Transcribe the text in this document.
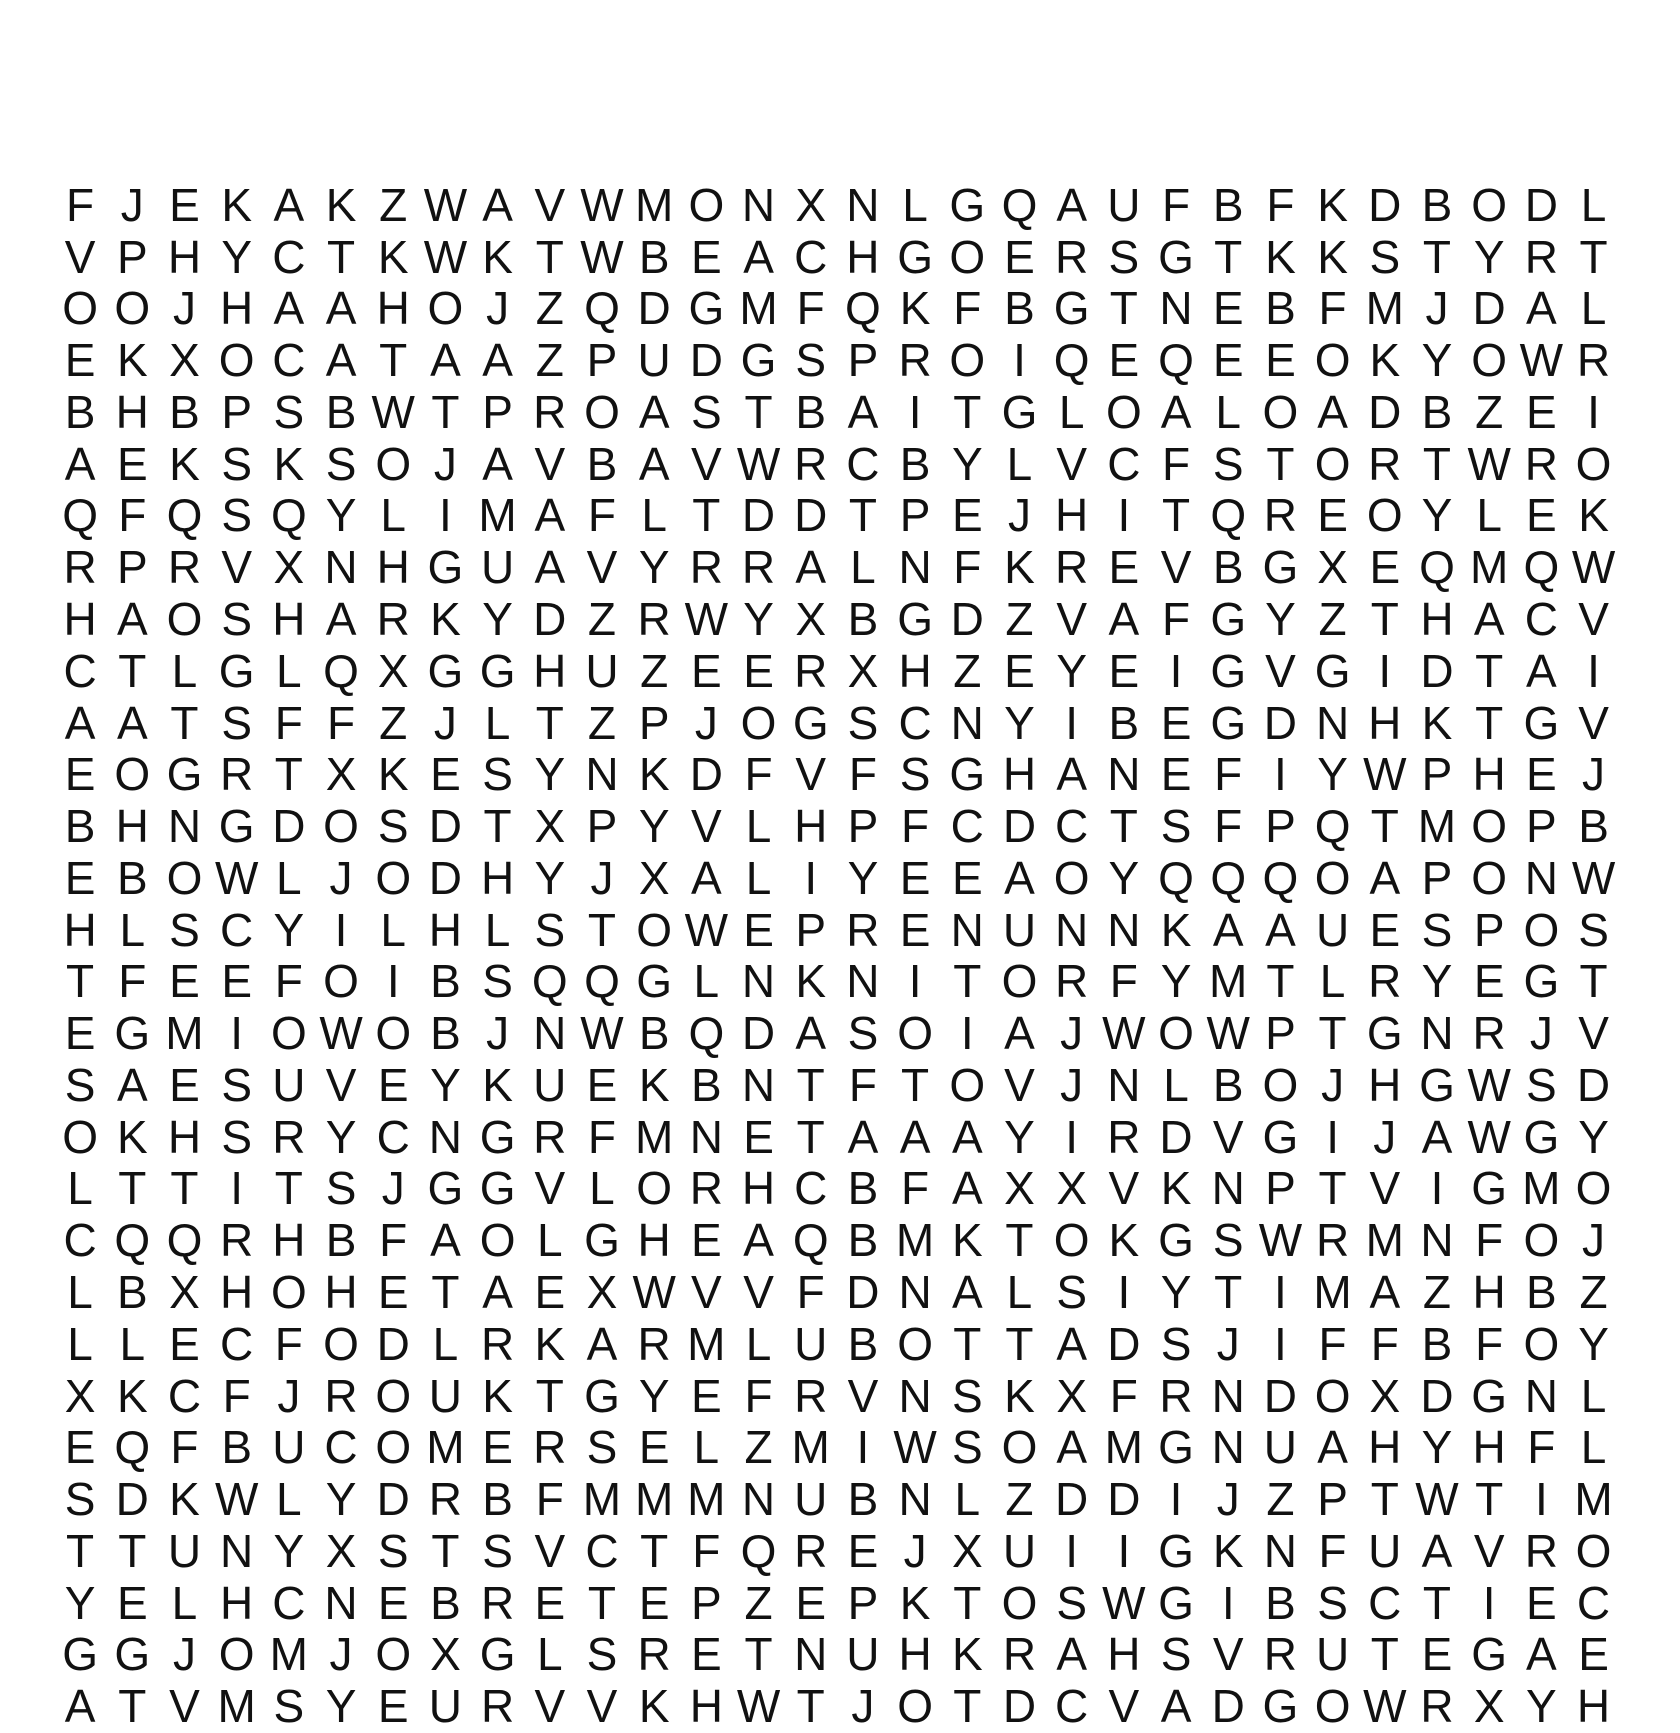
F J E K A K Z W A V W M O N X N L G Q A U F B F K D B O D L
V P H Y C T K W K T W B E A C H G O E R S G T K K S T Y R T
O O J H A A H O J Z Q D G M F Q K F B G T N E B F M J D A L
E K X O C A T A A Z P U D G S P R O I Q E Q E E O K Y O W R
B H B P S B W T P R O A S T B A I T G L O A L O A D B Z E I
A E K S K S O J A V B A V W R C B Y L V C F S T O R T W R O
Q F Q S Q Y L I M A F L T D D T P E J H I T Q R E O Y L E K
R P R V X N H G U A V Y R R A L N F K R E V B G X E Q M Q W
H A O S H A R K Y D Z R W Y X B G D Z V A F G Y Z T H A C V
C T L G L Q X G G H U Z E E R X H Z E Y E I G V G I D T A I
A A T S F F Z J L T Z P J O G S C N Y I B E G D N H K T G V
E O G R T X K E S Y N K D F V F S G H A N E F I Y W P H E J
B H N G D O S D T X P Y V L H P F C D C T S F P Q T M O P B
E B O W L J O D H Y J X A L I Y E E A O Y Q Q Q O A P O N W
H L S C Y I L H L S T O W E P R E N U N N K A A U E S P O S
T F E E F O I B S Q Q G L N K N I T O R F Y M T L R Y E G T
E G M I O W O B J N W B Q D A S O I A J W O W P T G N R J V
S A E S U V E Y K U E K B N T F T O V J N L B O J H G W S D
O K H S R Y C N G R F M N E T A A A Y I R D V G I J A W G Y
L T T I T S J G G V L O R H C B F A X X V K N P T V I G M O
C Q Q R H B F A O L G H E A Q B M K T O K G S W R M N F O J
L B X H O H E T A E X W V V F D N A L S I Y T I M A Z H B Z
L L E C F O D L R K A R M L U B O T T A D S J I F F B F O Y
X K C F J R O U K T G Y E F R V N S K X F R N D O X D G N L
E Q F B U C O M E R S E L Z M I W S O A M G N U A H Y H F L
S D K W L Y D R B F M M M N U B N L Z D D I J Z P T W T I M
T T U N Y X S T S V C T F Q R E J X U I I G K N F U A V R O
Y E L H C N E B R E T E P Z E P K T O S W G I B S C T I E C
G G J O M J O X G L S R E T N U H K R A H S V R U T E G A E
A T V M S Y E U R V V K H W T J O T D C V A D G O W R X Y H
